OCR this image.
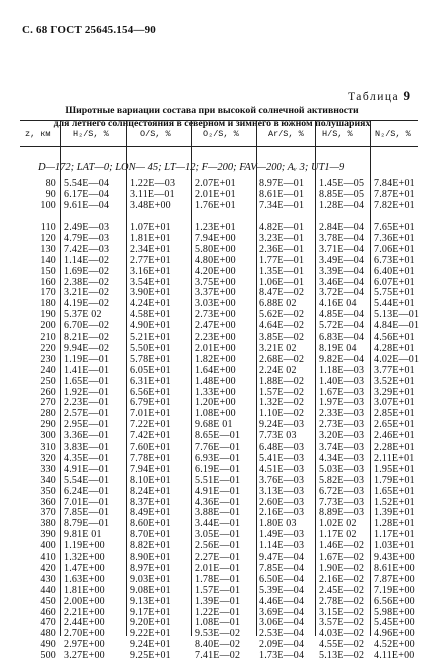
С. 68 ГОСТ 25645.154—90
Таблица 9
Широтные вариации состава при высокой солнечной активности
для летнего солнцестояния в северном и зимнего в южном полушариях
z, км	H₂/S, %	O/S, %	O₂/S, %	Ar/S, % H/S, %	N₂/S, %
D—172; LAT—0; LON— 45; LT—12; F—200; FAV—200; Aᵥ 3; UT1—9
80 5.54E—04 1.22E—03 2.07E+01 8.97E—01 1.45E—05 7.84E+01
90 6.17E—04 3.11E—01 2.01E+01 8.61E—01 8.85E—05 7.87E+01
100 9.61E—04 3.48E+00 1.76E+01 7.34E—01 1.28E—04 7.82E+01
110 2.49E—03 1.07E+01 1.23E+01 4.82E—01 2.84E—04 7.65E+01
120 4.79E—03 1.81E+01 7.94E+00 3.23E—01 3.78E—04 7.36E+01
130 7.42E—03 2.34E+01 5.80E+00 2.36E—01 3.71E—04 7.06E+01
140 1.14E—02 2.77E+01 4.80E+00 1.77E—01 3.49E—04 6.73E+01
150 1.69E—02 3.16E+01 4.20E+00 1.35E—01 3.39E—04 6.40E+01
160 2.38E—02 3.54E+01 3.75E+00 1.06E—01 3.46E—04 6.07E+01
170 3.21E—02 3.90E+01 3.37E+00 8.47E—02 3.72E—04 5.75E+01
180 4.19E—02 4.24E+01 3.03E+00 6.88E 02 4.16E 04 5.44E+01
190 5.37E 02	4.58E+01 2.73E+00 5.62E—02 4.85E—04 5.13E—01
200 6.70E—02 4.90E+01 2.47E+00 4.64E—02 5.72E—04 4.84E—01
210 8.21E—02 5.21E+01 2.23E+00 3.85E—02 6.83E—04 4.56E+01
220 9.94E—02 5.50E+01 2.01E+00 3.21E 02 8.19E 04 4.28E+01
230 1.19E—01 5.78E+01 1.82E+00 2.68E—02 9.82E—04 4.02E—01
240 1.41E—01 6.05E+01 1.64E+00 2.24E 02 1.18E—03 3.77E+01
250 1.65E—01 6.31E+01 1.48E+00 1.88E—02 1.40E—03 3.52E+01
260 1.92E—01 6.56E+01 1.33E+00 1.57E—02 1.67E—03 3.29E+01
270 2.23E—01 6.79E+01 1.20E+00 1.32E—02 1.97E—03 3.07E+01
280 2.57E—01 7.01E+01 1.08E+00 1.10E—02 2.33E—03 2.85E+01
290 2.95E—01 7.22E+01 9.68E 01	9.24E—03 2.73E—03 2.65E+01
300 3.36E—01 7.42E+01 8.65E—01 7.73E 03 3.20E—03 2.46E+01
310 3.83E—01 7.60E+01 7.76E—01 6.48E—03 3.74E—03 2.28E+01
320 4.35E—01 7.78E+01 6.93E—01 5.41E—03 4.34E—03 2.11E+01
330 4.91E—01 7.94E+01 6.19E—01 4.51E—03 5.03E—03 1.95E+01
340 5.54E—01 8.10E+01 5.51E—01 3.76E—03 5.82E—03 1.79E+01
350 6.24E—01 8.24E+01 4.91E—01 3.13E—03 6.72E—03 1.65E+01
360 7.01E—01 8.37E+01 4.36E—01 2.60E—03 7.73E—03 1.52E+01
370 7.85E—01 8.49E+01 3.88E—01 2.16E—03 8.89E—03 1.39E+01
380 8.79E—01 8.60E+01 3.44E—01 1.80E 03 1.02E 02 1.28E+01
390 9.81E 01	8.70E+01 3.05E—01 1.49E—03 1.17E 02 1.17E+01
400 1.19E+00	8.82E+01 2.56E—01 1.14E—03 1.46E—02 1.03E+01
410 1.32E+00	8.90E+01 2.27E—01 9.47E—04 1.67E—02 9.43E+00
420 1.47E+00	8.97E+01 2.01E—01 7.85E—04 1.90E—02 8.61E+00
430 1.63E+00	9.03E+01 1.78E—01 6.50E—04 2.16E—02 7.87E+00
440 1.81E+00	9.08E+01 1.57E—01 5.39E—04 2.45E—02 7.19E+00
450 2.00E+00	9.13E+01 1.39E—01 4.46E—04 2.78E—02 6.56E+00
460 2.21E+00	9.17E+01 1.22E—01 3.69E—04 3.15E—02 5.98E+00
470 2.44E+00	9.20E+01 1.08E—01 3.06E—04 3.57E—02 5.45E+00
480 2.70E+00	9.22E+01 9.53E—02 2.53E—04 4.03E—02 4.96E+00
490 2.97E+00	9.24E+01 8.40E—02 2.09E—04 4.55E—02 4.52E+00
500 3.27E+00	9.25E+01 7.41E—02 1.73E—04 5.13E—02 4.11E+00
